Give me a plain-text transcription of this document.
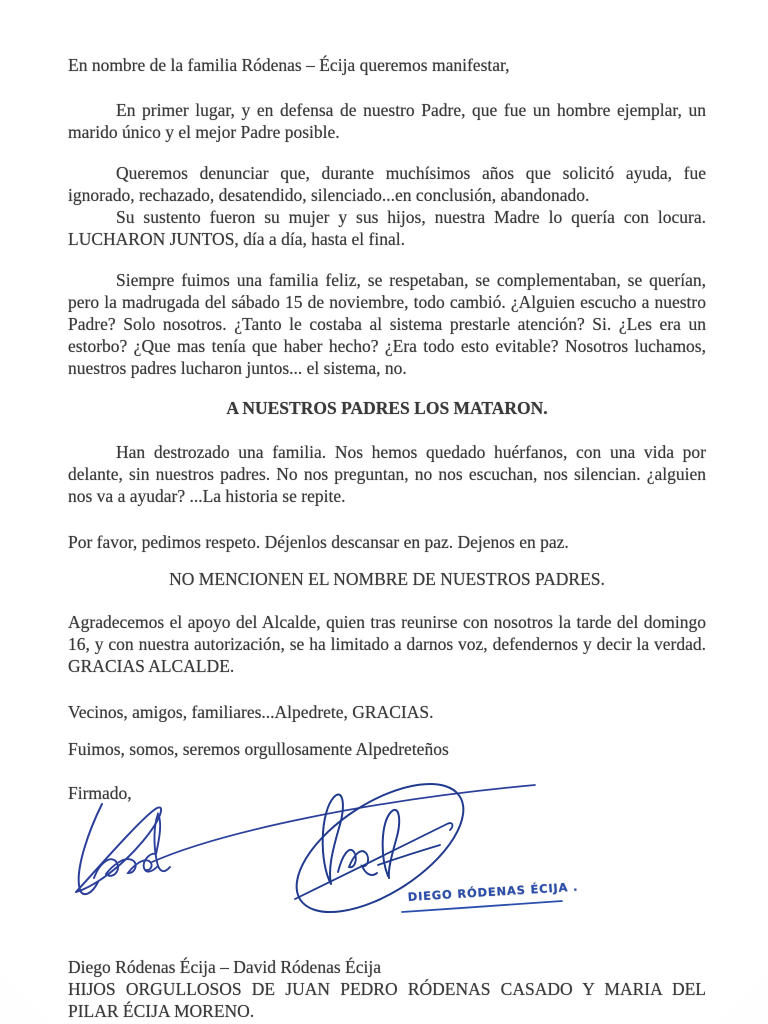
En nombre de la familia Ródenas – Écija queremos manifestar,

En primer lugar, y en defensa de nuestro Padre, que fue un hombre ejemplar, un marido único y el mejor Padre posible.

Queremos denunciar que, durante muchísimos años que solicitó ayuda, fue ignorado, rechazado, desatendido, silenciado...en conclusión, abandonado.

Su sustento fueron su mujer y sus hijos, nuestra Madre lo quería con locura. LUCHARON JUNTOS, día a día, hasta el final.

Siempre fuimos una familia feliz, se respetaban, se complementaban, se querían, pero la madrugada del sábado 15 de noviembre, todo cambió. ¿Alguien escucho a nuestro Padre? Solo nosotros. ¿Tanto le costaba al sistema prestarle atención? Si. ¿Les era un estorbo? ¿Que mas tenía que haber hecho? ¿Era todo esto evitable? Nosotros luchamos, nuestros padres lucharon juntos... el sistema, no.

A NUESTROS PADRES LOS MATARON.

Han destrozado una familia. Nos hemos quedado huérfanos, con una vida por delante, sin nuestros padres. No nos preguntan, no nos escuchan, nos silencian. ¿alguien nos va a ayudar? ...La historia se repite.

Por favor, pedimos respeto. Déjenlos descansar en paz. Dejenos en paz.

NO MENCIONEN EL NOMBRE DE NUESTROS PADRES.

Agradecemos el apoyo del Alcalde, quien tras reunirse con nosotros la tarde del domingo 16, y con nuestra autorización, se ha limitado a darnos voz, defendernos y decir la verdad. GRACIAS ALCALDE.

Vecinos, amigos, familiares...Alpedrete, GRACIAS.

Fuimos, somos, seremos orgullosamente Alpedreteños

Firmado,

Diego Ródenas Écija – David Ródenas Écija

HIJOS ORGULLOSOS DE JUAN PEDRO RÓDENAS CASADO Y MARIA DEL PILAR ÉCIJA MORENO.

DIEGO RÓDENAS ÉCIJA .
